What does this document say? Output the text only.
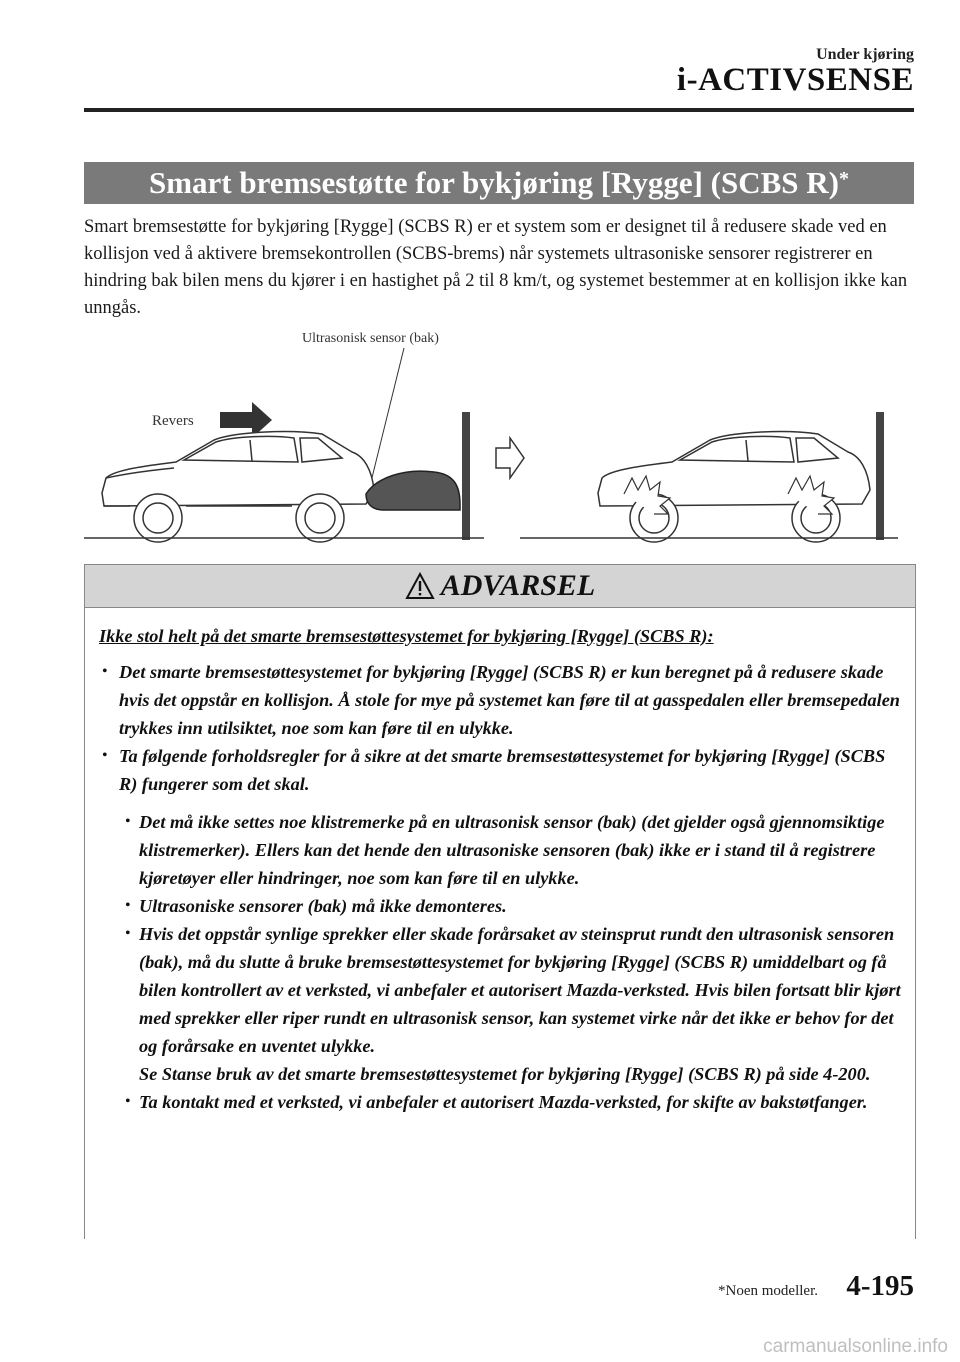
Under kjøring
i-ACTIVSENSE
Smart bremsestøtte for bykjøring [Rygge] (SCBS R)*

Smart bremsestøtte for bykjøring [Rygge] (SCBS R) er et system som er designet til å redusere skade ved en kollisjon ved å aktivere bremsekontrollen (SCBS-brems) når systemets ultrasoniske sensorer registrerer en hindring bak bilen mens du kjører i en hastighet på 2 til 8 km/t, og systemet bestemmer at en kollisjon ikke kan unngås.

Ultrasonisk sensor (bak)
Revers
ADVARSEL
Ikke stol helt på det smarte bremsestøttesystemet for bykjøring [Rygge] (SCBS R):
• Det smarte bremsestøttesystemet for bykjøring [Rygge] (SCBS R) er kun beregnet på å redusere skade hvis det oppstår en kollisjon. Å stole for mye på systemet kan føre til at gasspedalen eller bremsepedalen trykkes inn utilsiktet, noe som kan føre til en ulykke.
• Ta følgende forholdsregler for å sikre at det smarte bremsestøttesystemet for bykjøring [Rygge] (SCBS R) fungerer som det skal.
• Det må ikke settes noe klistremerke på en ultrasonisk sensor (bak) (det gjelder også gjennomsiktige klistremerker). Ellers kan det hende den ultrasoniske sensoren (bak) ikke er i stand til å registrere kjøretøyer eller hindringer, noe som kan føre til en ulykke.
• Ultrasoniske sensorer (bak) må ikke demonteres.
• Hvis det oppstår synlige sprekker eller skade forårsaket av steinsprut rundt den ultrasonisk sensoren (bak), må du slutte å bruke bremsestøttesystemet for bykjøring [Rygge] (SCBS R) umiddelbart og få bilen kontrollert av et verksted, vi anbefaler et autorisert Mazda-verksted. Hvis bilen fortsatt blir kjørt med sprekker eller riper rundt en ultrasonisk sensor, kan systemet virke når det ikke er behov for det og forårsake en uventet ulykke.
Se Stanse bruk av det smarte bremsestøttesystemet for bykjøring [Rygge] (SCBS R) på side 4-200.
• Ta kontakt med et verksted, vi anbefaler et autorisert Mazda-verksted, for skifte av bakstøtfanger.
*Noen modeller. 4-195
carmanualsonline.info
